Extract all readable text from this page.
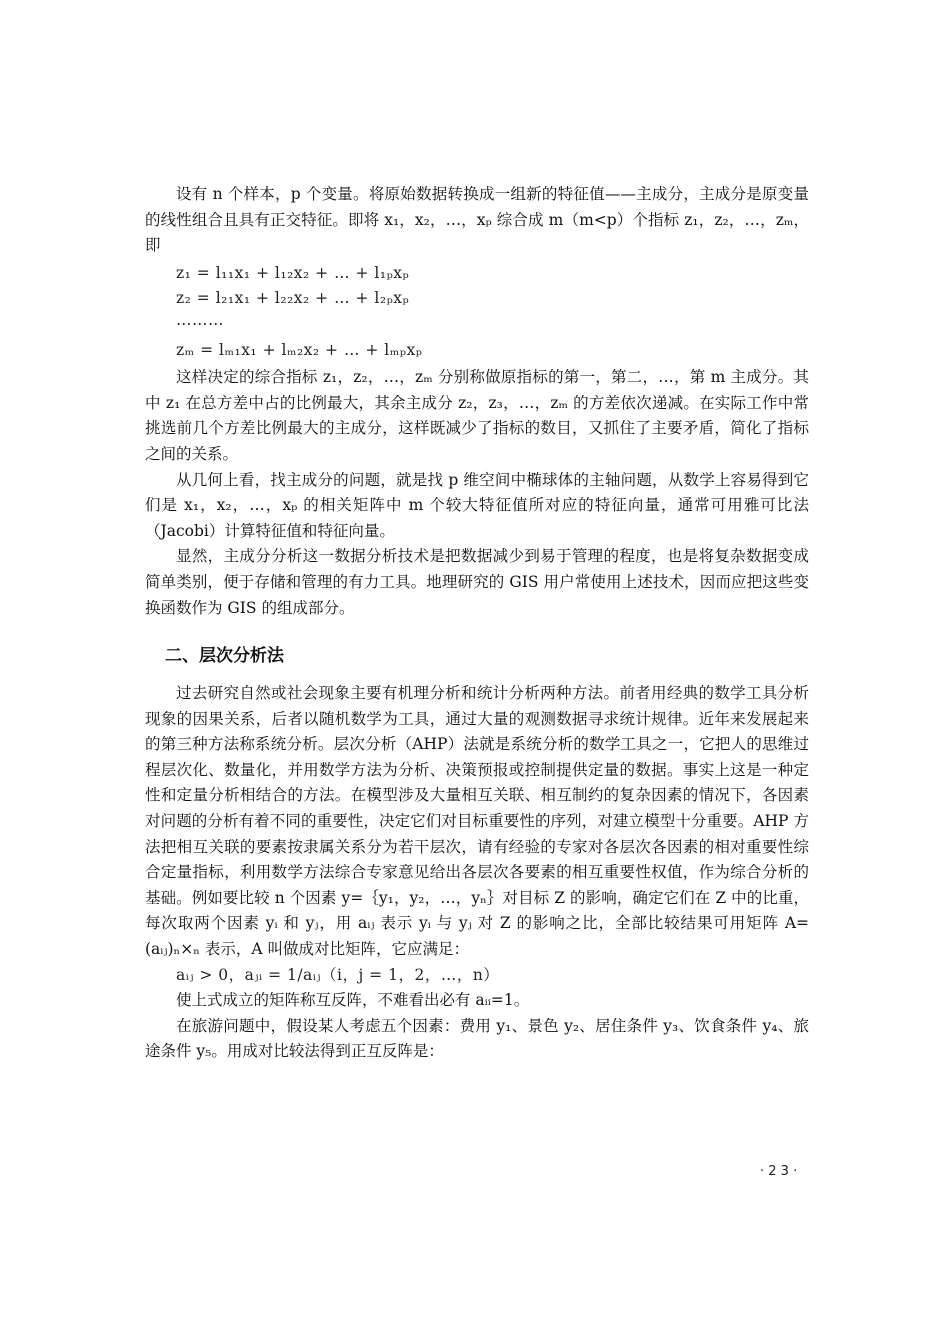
设有 n 个样本，p 个变量。将原始数据转换成一组新的特征值——主成分，主成分是原变量的线性组合且具有正交特征。即将 x₁，x₂，…，xₚ 综合成 m（m<p）个指标 z₁，z₂，…，zₘ，即

z₁ = l₁₁x₁ + l₁₂x₂ + … + l₁ₚxₚ

z₂ = l₂₁x₁ + l₂₂x₂ + … + l₂ₚxₚ

⋯⋯⋯

zₘ = lₘ₁x₁ + lₘ₂x₂ + … + lₘₚxₚ

这样决定的综合指标 z₁，z₂，…，zₘ 分别称做原指标的第一，第二，…，第 m 主成分。其中 z₁ 在总方差中占的比例最大，其余主成分 z₂，z₃，…，zₘ 的方差依次递减。在实际工作中常挑选前几个方差比例最大的主成分，这样既减少了指标的数目，又抓住了主要矛盾，简化了指标之间的关系。

从几何上看，找主成分的问题，就是找 p 维空间中椭球体的主轴问题，从数学上容易得到它们是 x₁，x₂，…，xₚ 的相关矩阵中 m 个较大特征值所对应的特征向量，通常可用雅可比法（Jacobi）计算特征值和特征向量。

显然，主成分分析这一数据分析技术是把数据减少到易于管理的程度，也是将复杂数据变成简单类别，便于存储和管理的有力工具。地理研究的 GIS 用户常使用上述技术，因而应把这些变换函数作为 GIS 的组成部分。

二、层次分析法

过去研究自然或社会现象主要有机理分析和统计分析两种方法。前者用经典的数学工具分析现象的因果关系，后者以随机数学为工具，通过大量的观测数据寻求统计规律。近年来发展起来的第三种方法称系统分析。层次分析（AHP）法就是系统分析的数学工具之一，它把人的思维过程层次化、数量化，并用数学方法为分析、决策预报或控制提供定量的数据。事实上这是一种定性和定量分析相结合的方法。在模型涉及大量相互关联、相互制约的复杂因素的情况下，各因素对问题的分析有着不同的重要性，决定它们对目标重要性的序列，对建立模型十分重要。AHP 方法把相互关联的要素按隶属关系分为若干层次，请有经验的专家对各层次各因素的相对重要性综合定量指标，利用数学方法综合专家意见给出各层次各要素的相互重要性权值，作为综合分析的基础。例如要比较 n 个因素 y=｛y₁，y₂，…，yₙ｝对目标 Z 的影响，确定它们在 Z 中的比重，每次取两个因素 yᵢ 和 yⱼ，用 aᵢⱼ 表示 yᵢ 与 yⱼ 对 Z 的影响之比，全部比较结果可用矩阵 A=(aᵢⱼ)ₙ×ₙ 表示，A 叫做成对比矩阵，它应满足：

aᵢⱼ > 0，aⱼᵢ = 1/aᵢⱼ（i，j = 1，2，…，n）

使上式成立的矩阵称互反阵，不难看出必有 aᵢᵢ=1。

在旅游问题中，假设某人考虑五个因素：费用 y₁、景色 y₂、居住条件 y₃、饮食条件 y₄、旅途条件 y₅。用成对比较法得到正互反阵是：

· 2 3 ·
